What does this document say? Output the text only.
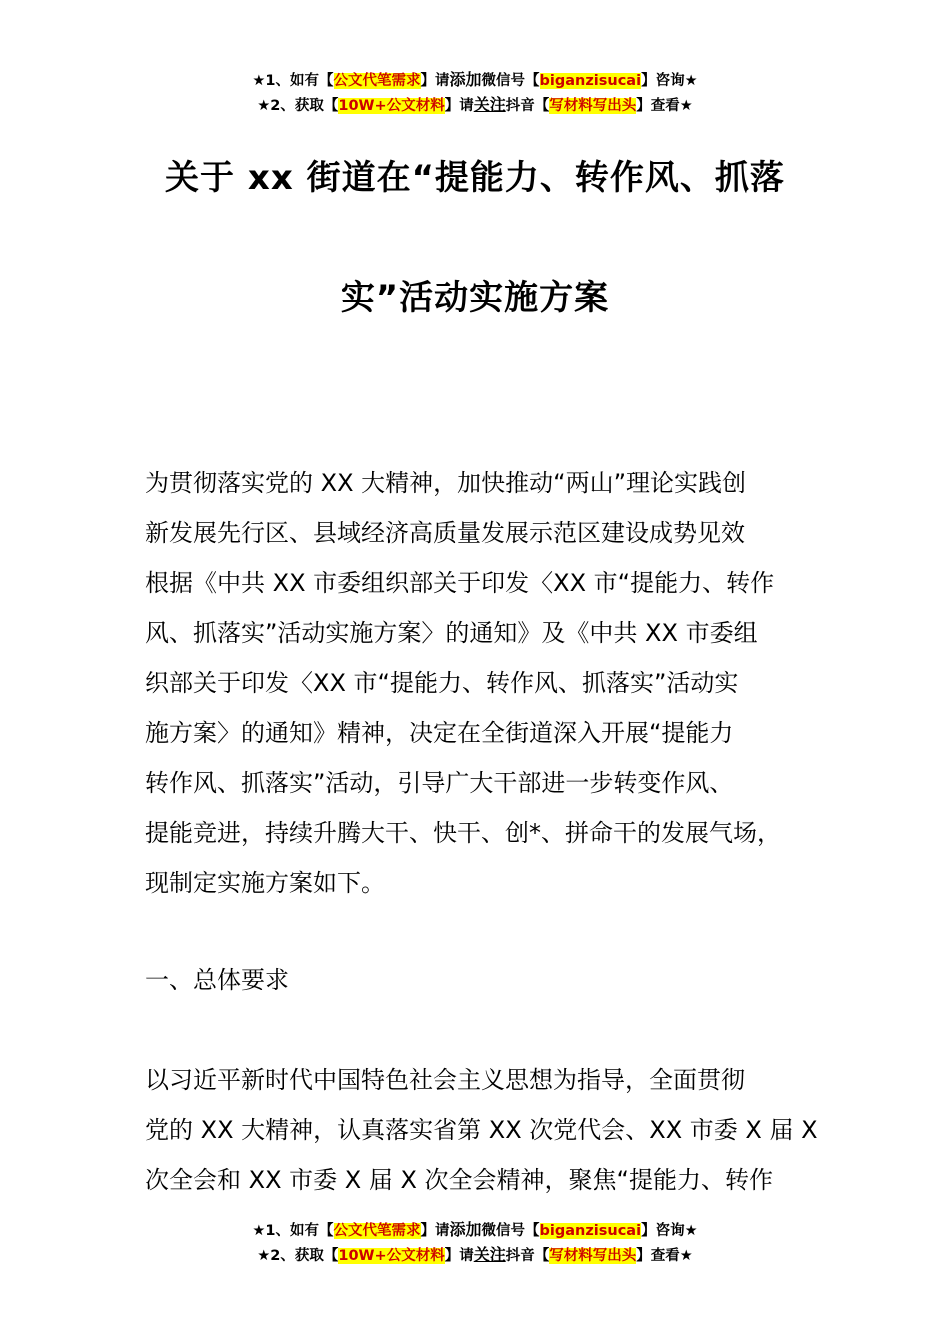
★1、如有【公文代笔需求】请添加微信号【biganzisucai】咨询★
★2、获取【10W+公文材料】请关注抖音【写材料写出头】查看★
关于 xx 街道在“提能力、转作风、抓落
实”活动实施方案
为贯彻落实党的 XX 大精神，加快推动“两山”理论实践创
新发展先行区、县域经济高质量发展示范区建设成势见效
根据《中共 XX 市委组织部关于印发〈XX 市“提能力、转作
风、抓落实”活动实施方案〉的通知》及《中共 XX 市委组
织部关于印发〈XX 市“提能力、转作风、抓落实”活动实
施方案〉的通知》精神，决定在全街道深入开展“提能力
转作风、抓落实”活动，引导广大干部进一步转变作风、
提能竞进，持续升腾大干、快干、创*、拼命干的发展气场，
现制定实施方案如下。
一、总体要求
以习近平新时代中国特色社会主义思想为指导，全面贯彻
党的 XX 大精神，认真落实省第 XX 次党代会、XX 市委 X 届 X
次全会和 XX 市委 X 届 X 次全会精神，聚焦“提能力、转作
★1、如有【公文代笔需求】请添加微信号【biganzisucai】咨询★
★2、获取【10W+公文材料】请关注抖音【写材料写出头】查看★
